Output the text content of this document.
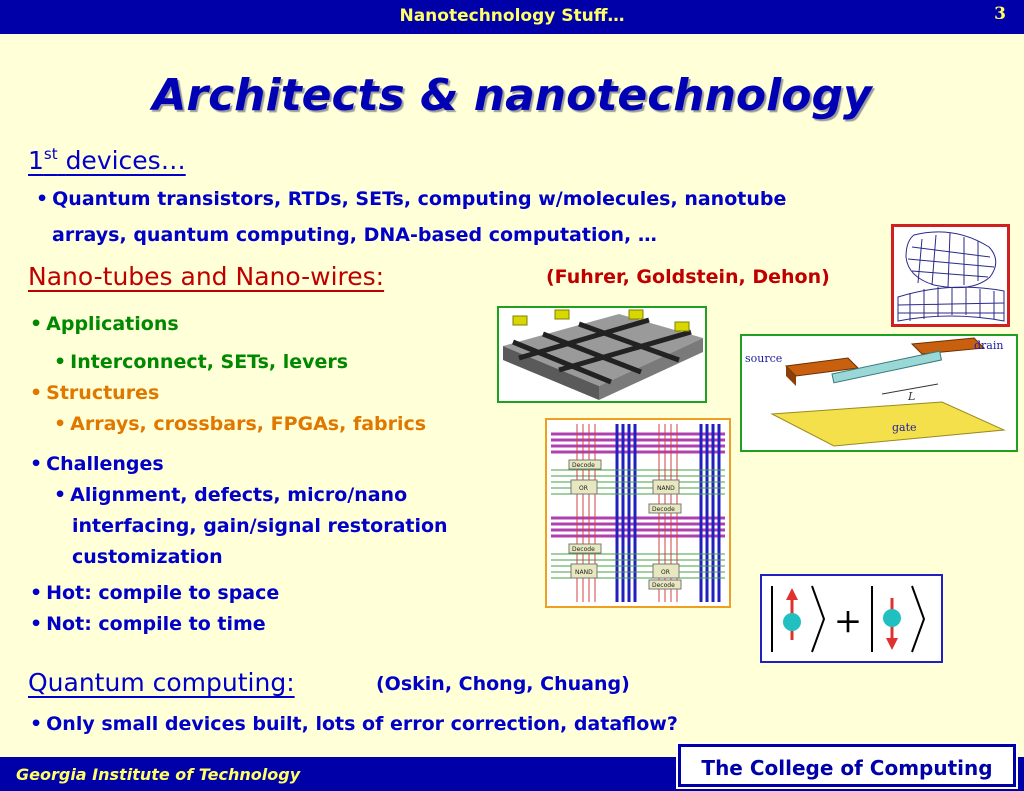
Nanotechnology Stuff…	3
Architects & nanotechnology
1st devices…
• Quantum transistors, RTDs, SETs, computing w/molecules, nanotube
arrays, quantum computing, DNA-based computation, …
Nano-tubes and Nano-wires:	(Fuhrer, Goldstein, Dehon)
• Applications
• Interconnect, SETs, levers
• Structures
• Arrays, crossbars, FPGAs, fabrics
• Challenges
• Alignment, defects, micro/nano
interfacing, gain/signal restoration
customization
• Hot: compile to space
• Not: compile to time
Quantum computing:	(Oskin, Chong, Chuang)
• Only small devices built, lots of error correction, dataflow?
source
drain
gate
L
Decode
Decode
Decode
Decode
OR	NAND
NAND	OR
+
Georgia Institute of Technology	The College of Computing
